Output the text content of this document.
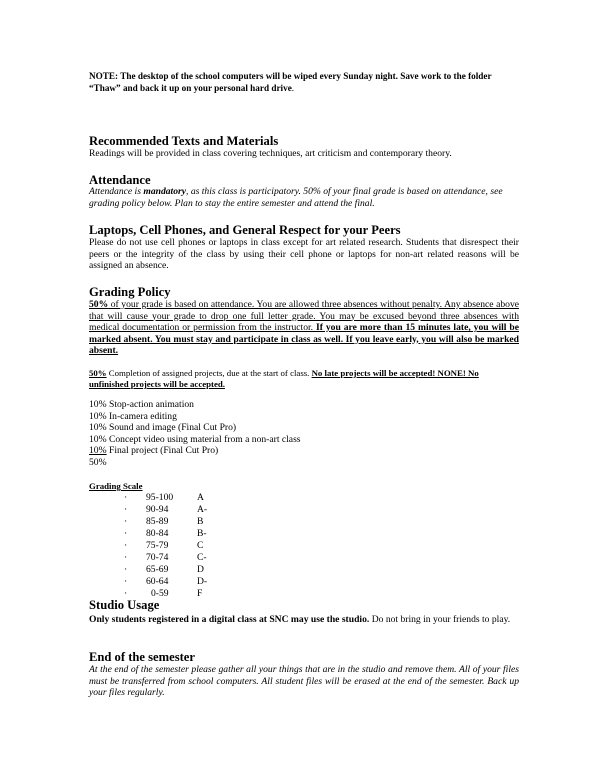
NOTE: The desktop of the school computers will be wiped every Sunday night. Save work to the folder “Thaw” and back it up on your personal hard drive.
Recommended Texts and Materials
Readings will be provided in class covering techniques, art criticism and contemporary theory.
Attendance
Attendance is mandatory, as this class is participatory. 50% of your final grade is based on attendance, see grading policy below. Plan to stay the entire semester and attend the final.
Laptops, Cell Phones, and General Respect for your Peers
Please do not use cell phones or laptops in class except for art related research. Students that disrespect their peers or the integrity of the class by using their cell phone or laptops for non-art related reasons will be assigned an absence.
Grading Policy
50% of your grade is based on attendance. You are allowed three absences without penalty. Any absence above that will cause your grade to drop one full letter grade. You may be excused beyond three absences with medical documentation or permission from the instructor. If you are more than 15 minutes late, you will be marked absent. You must stay and participate in class as well. If you leave early, you will also be marked absent.
50% Completion of assigned projects, due at the start of class. No late projects will be accepted! NONE! No unfinished projects will be accepted.
10% Stop-action animation
10% In-camera editing
10% Sound and image (Final Cut Pro)
10% Concept video using material from a non-art class
10% Final project (Final Cut Pro)
50%
Grading Scale
· 95-100 A
· 90-94	A-
· 85-89	B
· 80-84	B-
· 75-79	C
· 70-74	C-
· 65-69	D
· 60-64	D-
· 0-59	F
Studio Usage
Only students registered in a digital class at SNC may use the studio. Do not bring in your friends to play.
End of the semester
At the end of the semester please gather all your things that are in the studio and remove them. All of your files must be transferred from school computers. All student files will be erased at the end of the semester. Back up your files regularly.
